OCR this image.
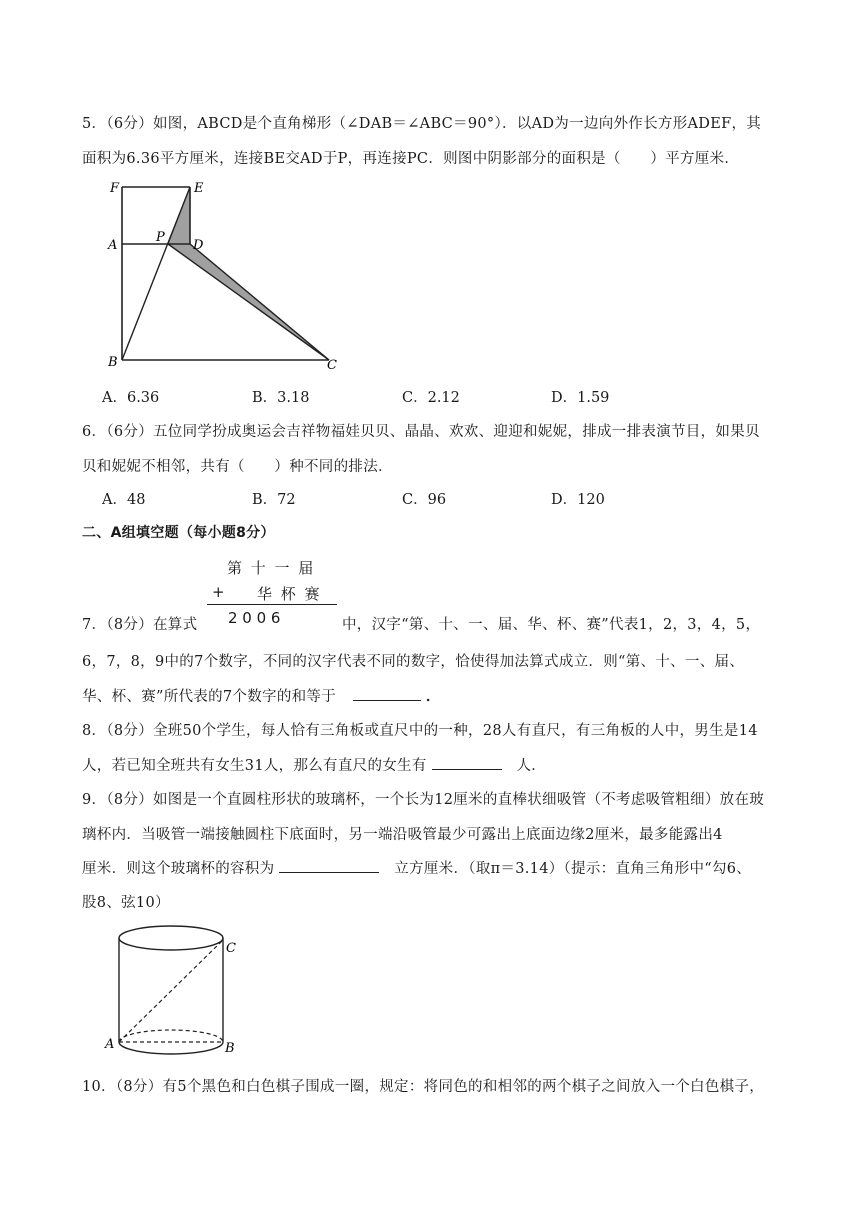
5．（6分）如图，ABCD是个直角梯形（∠DAB＝∠ABC＝90°）．以AD为一边向外作长方形ADEF，其
面积为6.36平方厘米，连接BE交AD于P，再连接PC．则图中阴影部分的面积是（　　）平方厘米．
F	E
A
P
D
B	C
A．6.36	B．3.18	C．2.12	D．1.59
6．（6分）五位同学扮成奥运会吉祥物福娃贝贝、晶晶、欢欢、迎迎和妮妮，排成一排表演节目，如果贝
贝和妮妮不相邻，共有（　　）种不同的排法．
A．48	B．72	C．96	D．120
二、A组填空题（每小题8分）
第 十 一 届
+ 华 杯 赛
2 0 0 6
7．（8分）在算式	中，汉字“第、十、一、届、华、杯、赛”代表1，2，3，4，5，
6，7，8，9中的7个数字，不同的汉字代表不同的数字，恰使得加法算式成立．则“第、十、一、届、
华、杯、赛”所代表的7个数字的和等于	．
8．（8分）全班50个学生，每人恰有三角板或直尺中的一种，28人有直尺，有三角板的人中，男生是14
人，若已知全班共有女生31人，那么有直尺的女生有	人．
9．（8分）如图是一个直圆柱形状的玻璃杯，一个长为12厘米的直棒状细吸管（不考虑吸管粗细）放在玻
璃杯内．当吸管一端接触圆柱下底面时，另一端沿吸管最少可露出上底面边缘2厘米，最多能露出4
厘米．则这个玻璃杯的容积为	立方厘米．（取π＝3.14）（提示：直角三角形中“勾6、
股8、弦10）
C
A	B
10．（8分）有5个黑色和白色棋子围成一圈，规定：将同色的和相邻的两个棋子之间放入一个白色棋子，
